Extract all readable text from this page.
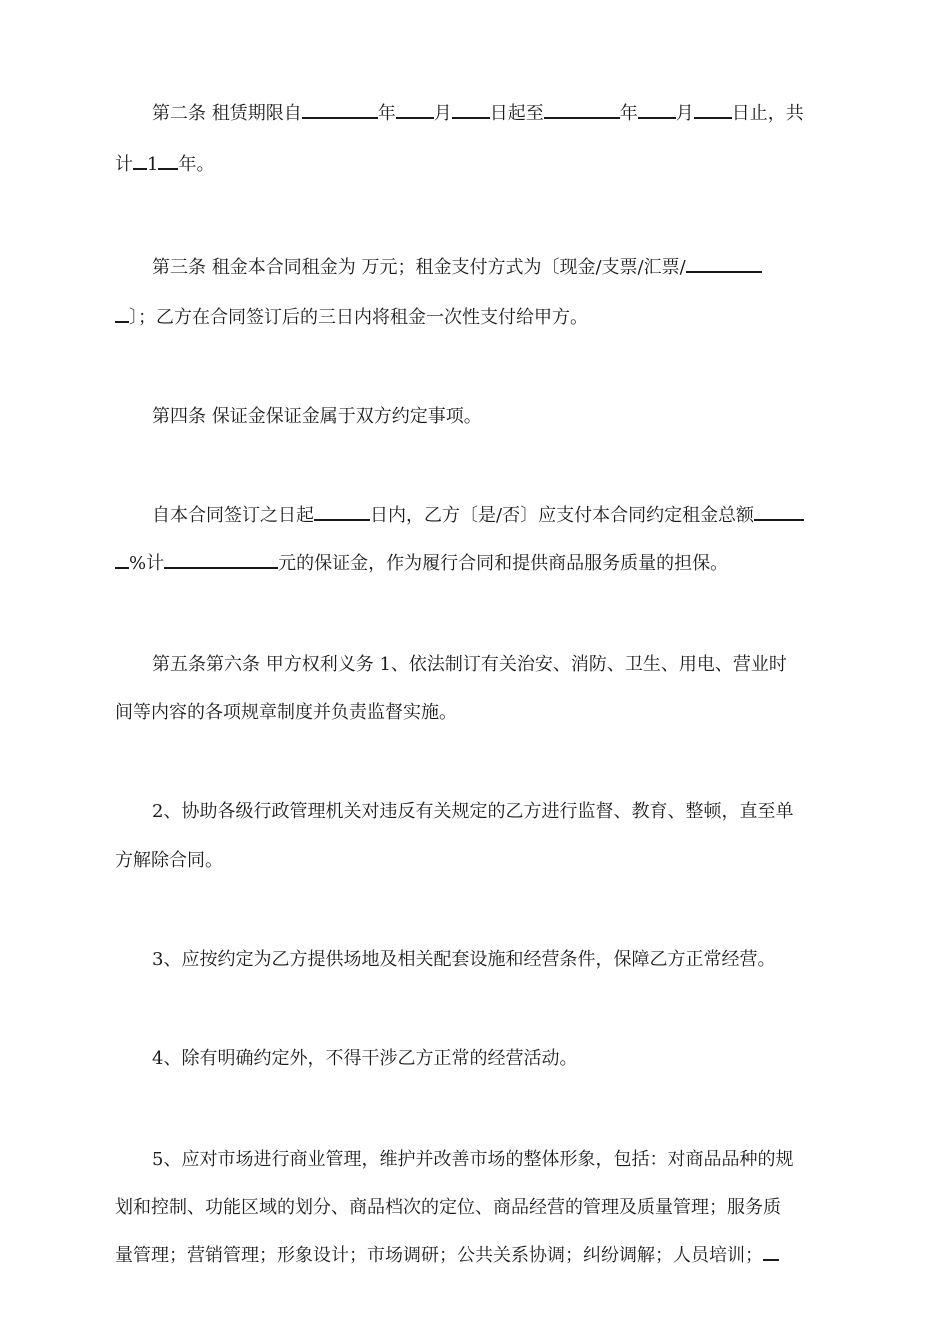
第二条 租赁期限自	年 月 日起至	年 月 日止，共
计 1 年。
第三条 租金本合同租金为 万元；租金支付方式为〔现金/支票/汇票/
〕；乙方在合同签订后的三日内将租金一次性支付给甲方。
第四条 保证金保证金属于双方约定事项。
自本合同签订之日起	日内，乙方〔是/否〕应支付本合同约定租金总额
%计	元的保证金，作为履行合同和提供商品服务质量的担保。
第五条第六条 甲方权利义务 1、依法制订有关治安、消防、卫生、用电、营业时
间等内容的各项规章制度并负责监督实施。
2、协助各级行政管理机关对违反有关规定的乙方进行监督、教育、整顿，直至单
方解除合同。
3、应按约定为乙方提供场地及相关配套设施和经营条件，保障乙方正常经营。
4、除有明确约定外，不得干涉乙方正常的经营活动。
5、应对市场进行商业管理，维护并改善市场的整体形象，包括：对商品品种的规
划和控制、功能区域的划分、商品档次的定位、商品经营的管理及质量管理；服务质
量管理；营销管理；形象设计；市场调研；公共关系协调；纠纷调解；人员培训；
